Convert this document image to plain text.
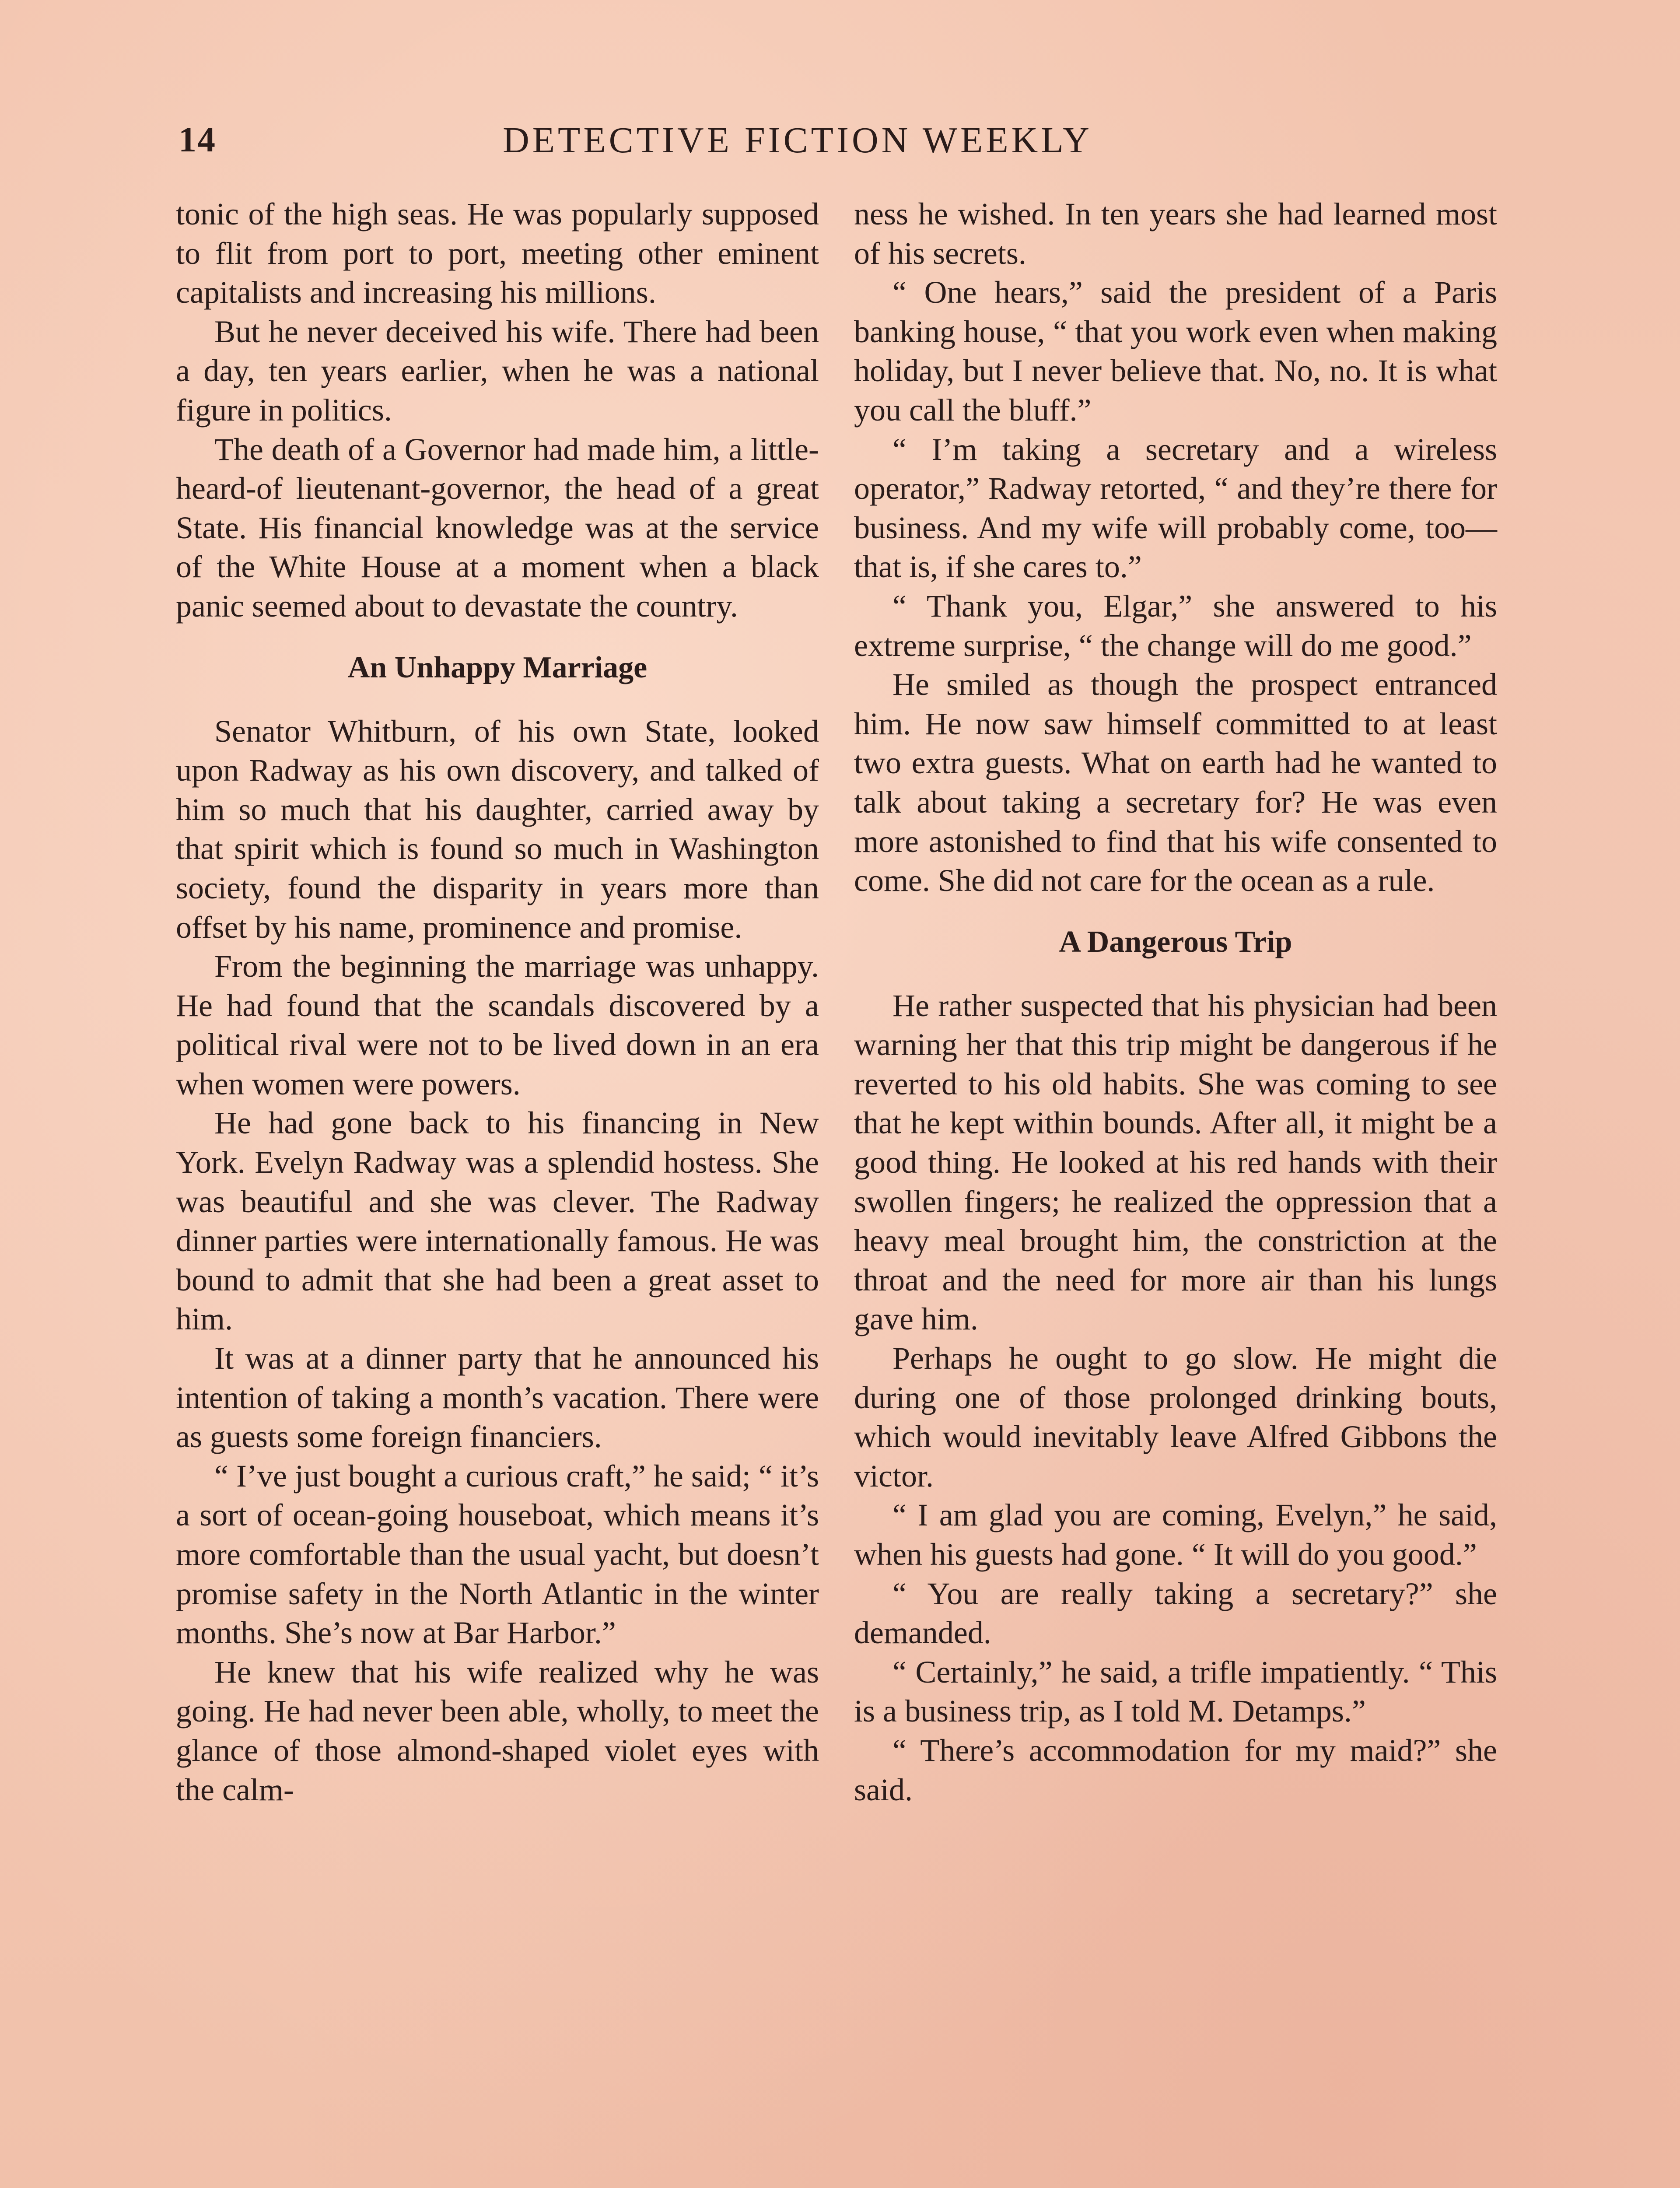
14	DETECTIVE FICTION WEEKLY

tonic of the high seas. He was popularly supposed to flit from port to port, meeting other eminent capitalists and increasing his millions.

But he never deceived his wife. There had been a day, ten years earlier, when he was a national figure in politics.

The death of a Governor had made him, a little-heard-of lieutenant-governor, the head of a great State. His financial knowledge was at the service of the White House at a moment when a black panic seemed about to devastate the country.

An Unhappy Marriage

Senator Whitburn, of his own State, looked upon Radway as his own discovery, and talked of him so much that his daughter, carried away by that spirit which is found so much in Washington society, found the disparity in years more than offset by his name, prominence and promise.

From the beginning the marriage was unhappy. He had found that the scandals discovered by a political rival were not to be lived down in an era when women were powers.

He had gone back to his financing in New York. Evelyn Radway was a splendid hostess. She was beautiful and she was clever. The Radway dinner parties were internationally famous. He was bound to admit that she had been a great asset to him.

It was at a dinner party that he announced his intention of taking a month’s vacation. There were as guests some foreign financiers.

“ I’ve just bought a curious craft,” he said; “ it’s a sort of ocean-going houseboat, which means it’s more comfortable than the usual yacht, but doesn’t promise safety in the North Atlantic in the winter months. She’s now at Bar Harbor.”

He knew that his wife realized why he was going. He had never been able, wholly, to meet the glance of those almond-shaped violet eyes with the calm-

ness he wished. In ten years she had learned most of his secrets.

“ One hears,” said the president of a Paris banking house, “ that you work even when making holiday, but I never believe that. No, no. It is what you call the bluff.”

“ I’m taking a secretary and a wireless operator,” Radway retorted, “ and they’re there for business. And my wife will probably come, too—that is, if she cares to.”

“ Thank you, Elgar,” she answered to his extreme surprise, “ the change will do me good.”

He smiled as though the prospect entranced him. He now saw himself committed to at least two extra guests. What on earth had he wanted to talk about taking a secretary for? He was even more astonished to find that his wife consented to come. She did not care for the ocean as a rule.

A Dangerous Trip

He rather suspected that his physician had been warning her that this trip might be dangerous if he reverted to his old habits. She was coming to see that he kept within bounds. After all, it might be a good thing. He looked at his red hands with their swollen fingers; he realized the oppression that a heavy meal brought him, the constriction at the throat and the need for more air than his lungs gave him.

Perhaps he ought to go slow. He might die during one of those prolonged drinking bouts, which would inevitably leave Alfred Gibbons the victor.

“ I am glad you are coming, Evelyn,” he said, when his guests had gone. “ It will do you good.”

“ You are really taking a secretary?” she demanded.

“ Certainly,” he said, a trifle impatiently. “ This is a business trip, as I told M. Detamps.”

“ There’s accommodation for my maid?” she said.
